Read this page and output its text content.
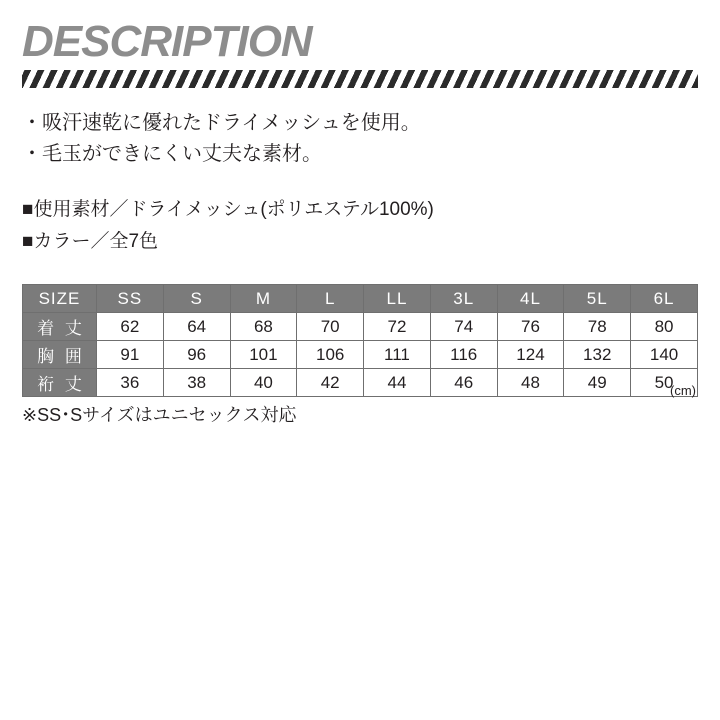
DESCRIPTION
・吸汗速乾に優れたドライメッシュを使用。
・毛玉ができにくい丈夫な素材。
■使用素材／ドライメッシュ(ポリエステル100%)
■カラー／全7色
SIZE	SS	S	M	L	LL	3L	4L	5L	6L
着 丈	62	64	68	70	72	74	76	78	80
胸 囲	91	96	101	106	111	116	124	132	140
裄 丈	36	38	40	42	44	46	48	49	50
(cm)
※SS･Sサイズはユニセックス対応
